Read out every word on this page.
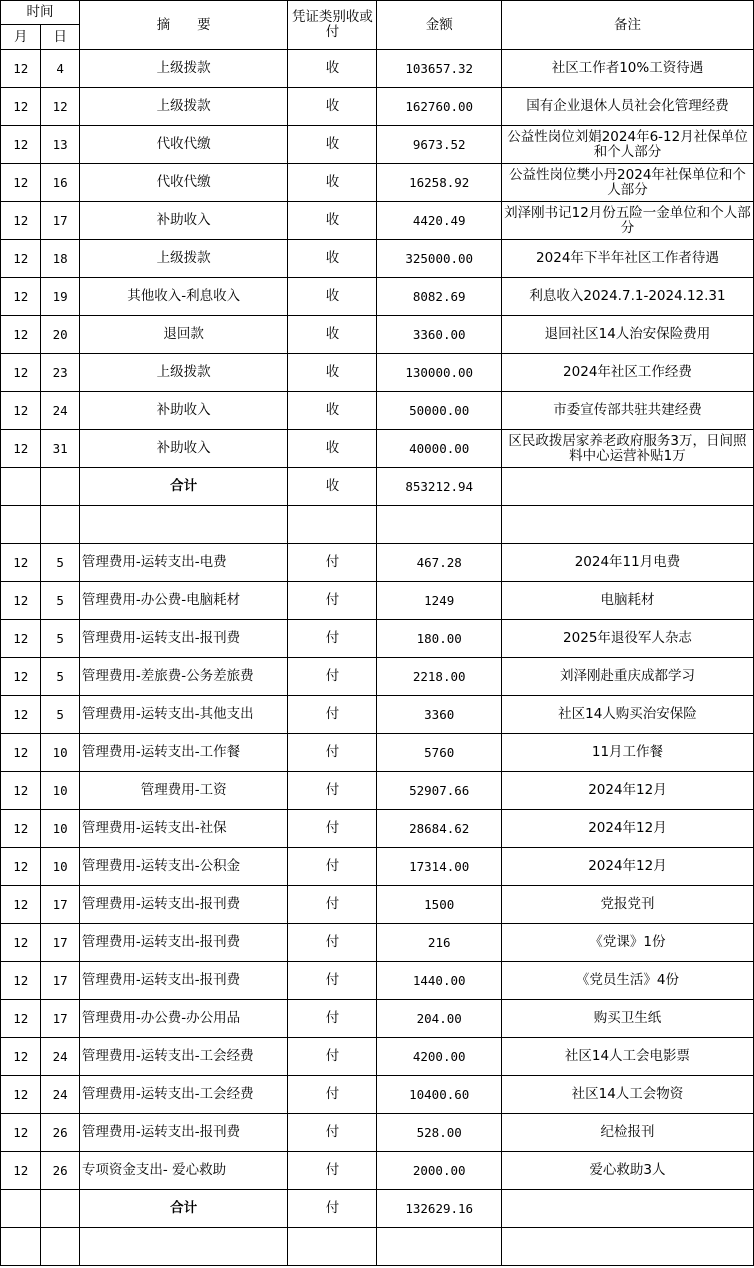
时间		摘　　要	凭证类别收或付	金额	备注
月	日				
12	4	上级拨款	收	103657.32	社区工作者10%工资待遇
12	12	上级拨款	收	162760.00	国有企业退休人员社会化管理经费
12	13	代收代缴	收	9673.52	公益性岗位刘娟2024年6-12月社保单位和个人部分
12	16	代收代缴	收	16258.92	公益性岗位樊小丹2024年社保单位和个人部分
12	17	补助收入	收	4420.49	刘泽刚书记12月份五险一金单位和个人部分
12	18	上级拨款	收	325000.00	2024年下半年社区工作者待遇
12	19	其他收入-利息收入	收	8082.69	利息收入2024.7.1-2024.12.31
12	20	退回款	收	3360.00	退回社区14人治安保险费用
12	23	上级拨款	收	130000.00	2024年社区工作经费
12	24	补助收入	收	50000.00	市委宣传部共驻共建经费
12	31	补助收入	收	40000.00	区民政拨居家养老政府服务3万，日间照料中心运营补贴1万
		合计	收	853212.94	

12	5	管理费用-运转支出-电费	付	467.28	2024年11月电费
12	5	管理费用-办公费-电脑耗材	付	1249	电脑耗材
12	5	管理费用-运转支出-报刊费	付	180.00	2025年退役军人杂志
12	5	管理费用-差旅费-公务差旅费	付	2218.00	刘泽刚赴重庆成都学习
12	5	管理费用-运转支出-其他支出	付	3360	社区14人购买治安保险
12	10	管理费用-运转支出-工作餐	付	5760	11月工作餐
12	10	管理费用-工资	付	52907.66	2024年12月
12	10	管理费用-运转支出-社保	付	28684.62	2024年12月
12	10	管理费用-运转支出-公积金	付	17314.00	2024年12月
12	17	管理费用-运转支出-报刊费	付	1500	党报党刊
12	17	管理费用-运转支出-报刊费	付	216	《党课》1份
12	17	管理费用-运转支出-报刊费	付	1440.00	《党员生活》4份
12	17	管理费用-办公费-办公用品	付	204.00	购买卫生纸
12	24	管理费用-运转支出-工会经费	付	4200.00	社区14人工会电影票
12	24	管理费用-运转支出-工会经费	付	10400.60	社区14人工会物资
12	26	管理费用-运转支出-报刊费	付	528.00	纪检报刊
12	26	专项资金支出- 爱心救助	付	2000.00	爱心救助3人
		合计	付	132629.16	
